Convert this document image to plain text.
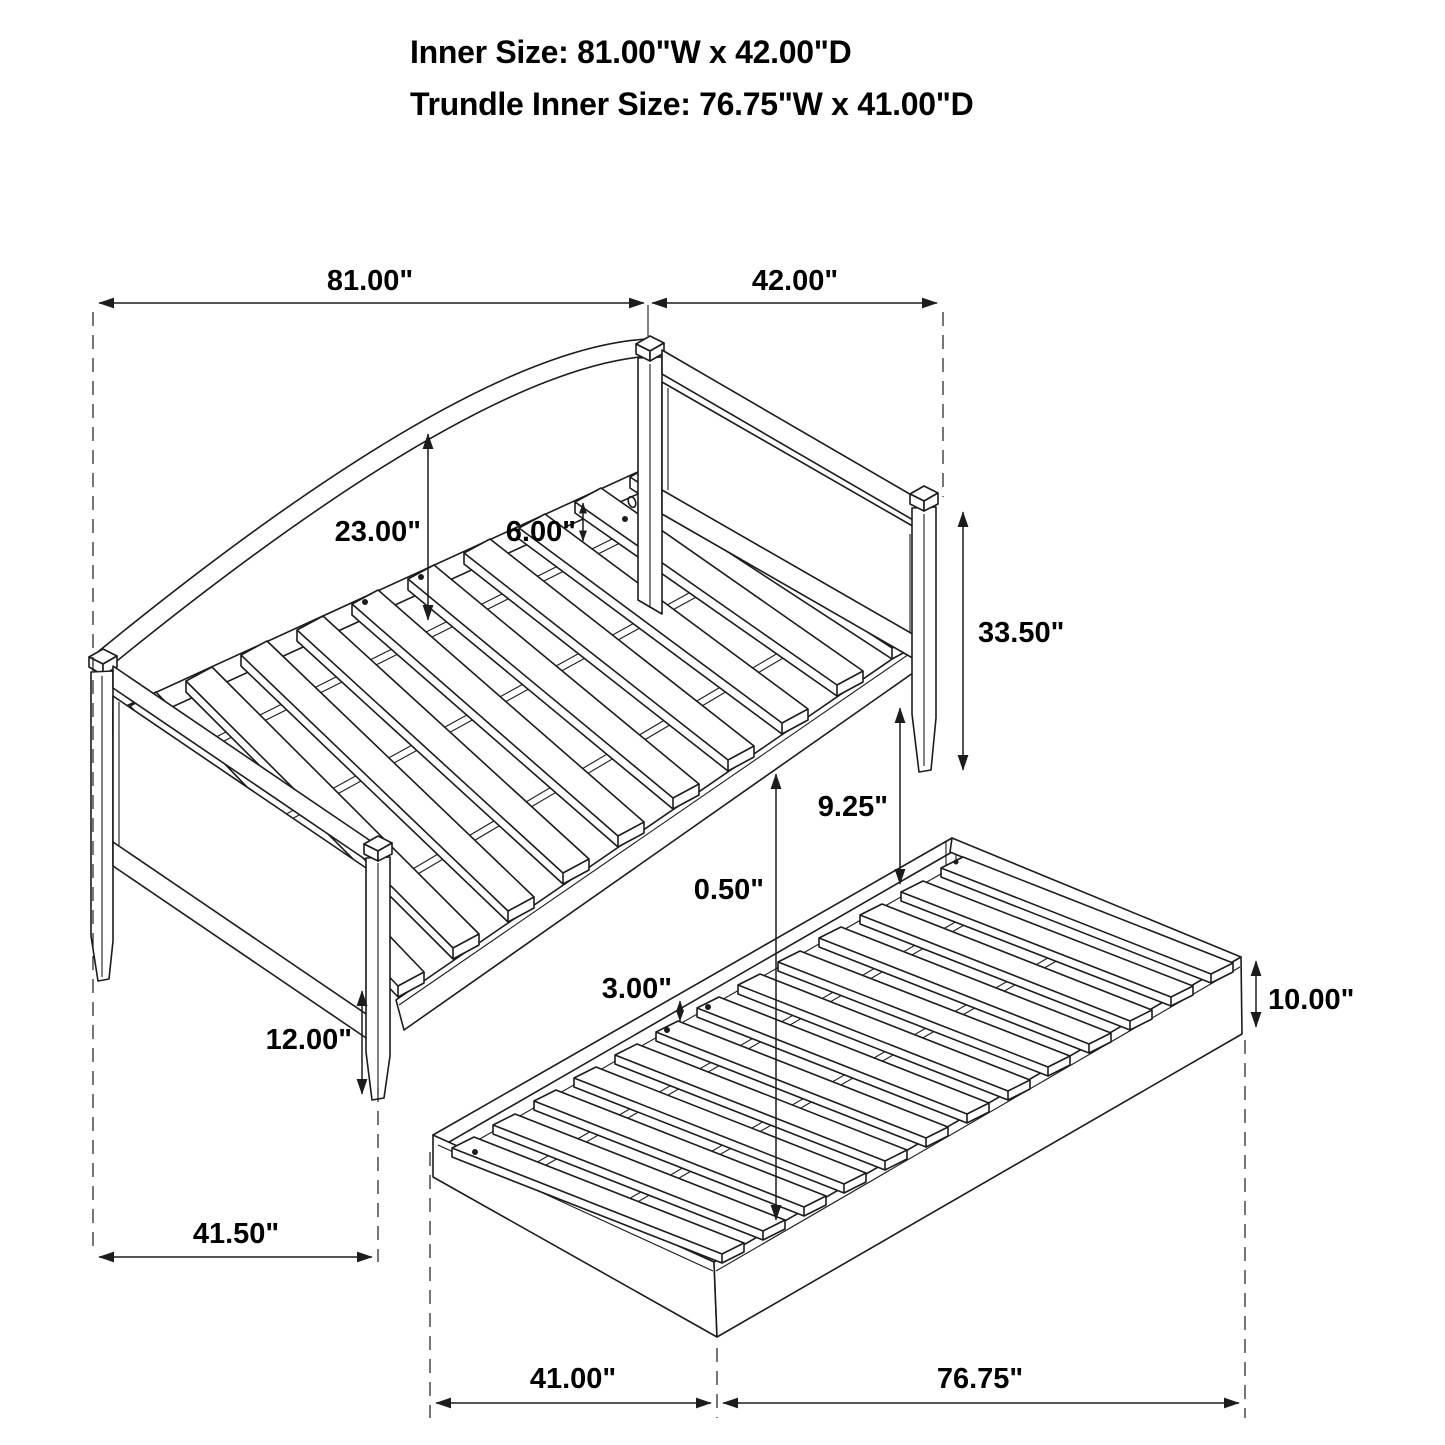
Inner Size: 81.00"W x 42.00"D
Trundle Inner Size: 76.75"W x 41.00"D
81.00"	42.00"
23.00"	6.00"
33.50"
9.25"
0.50"
3.00"
12.00"
41.50"
10.00"
41.00"	76.75"
